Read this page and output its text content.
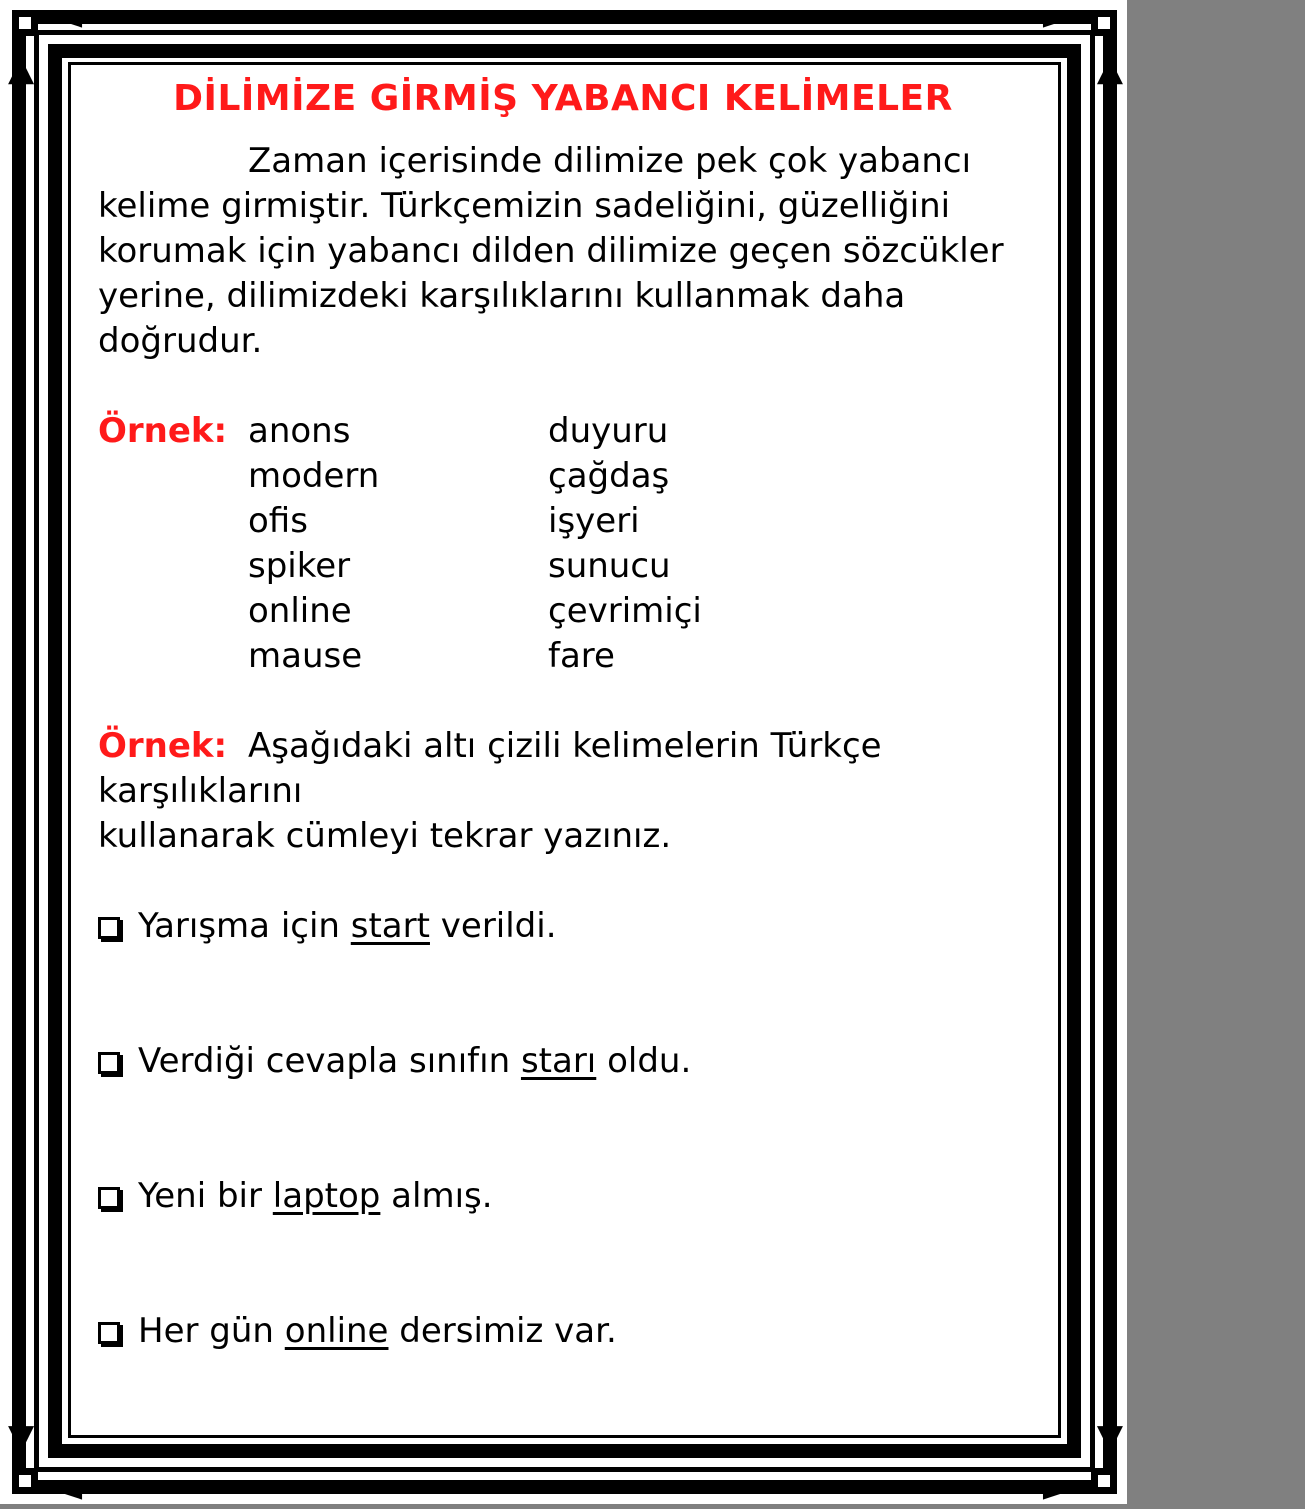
◄	►
◄	►
▲	▲
▼	▼
DİLİMİZE GİRMİŞ YABANCI KELİMELER
Zaman içerisinde dilimize pek çok yabancı
kelime girmiştir. Türkçemizin sadeliğini, güzelliğini
korumak için yabancı dilden dilimize geçen sözcükler
yerine, dilimizdeki karşılıklarını kullanmak daha
doğrudur.
Örnek: anons	duyuru
modern	çağdaş
ofis	işyeri
spiker	sunucu
online	çevrimiçi
mause	fare
Örnek: Aşağıdaki altı çizili kelimelerin Türkçe
karşılıklarını
kullanarak cümleyi tekrar yazınız.
Yarışma için start verildi.
Verdiği cevapla sınıfın starı oldu.
Yeni bir laptop almış.
Her gün online dersimiz var.
